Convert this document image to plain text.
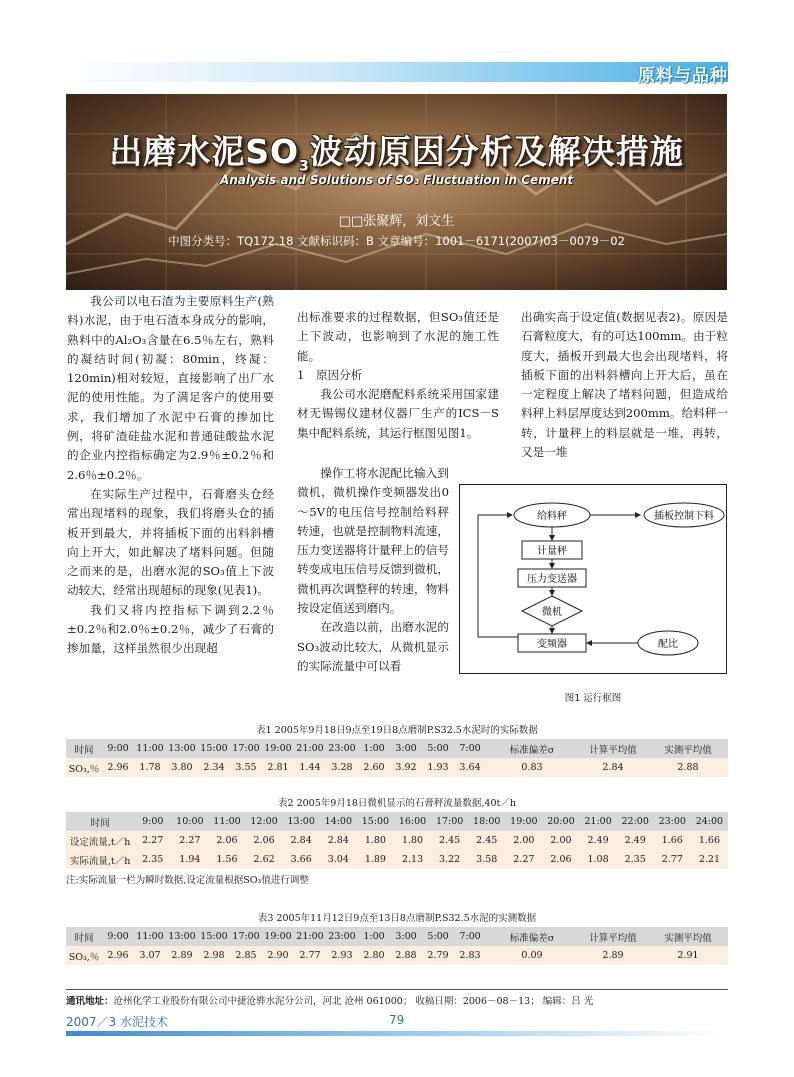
原料与品种
出磨水泥$SO_3$波动原因分析及解决措施
Analysis and Solutions of SO₃ Fluctuation in Cement
□□张聚辉，刘文生
中图分类号：TQ172.18 文献标识码：B 文章编号：1001－6171(2007)03－0079－02

我公司以电石渣为主要原料生产(熟料)水泥，由于电石渣本身成分的影响，熟料中的Al₂O₃含量在6.5％左右，熟料的凝结时间(初凝：80min，终凝：120min)相对较短，直接影响了出厂水泥的使用性能。为了满足客户的使用要求，我们增加了水泥中石膏的掺加比例，将矿渣硅盐水泥和普通硅酸盐水泥的企业内控指标确定为2.9％±0.2％和2.6％±0.2％。

在实际生产过程中，石膏磨头仓经常出现堵料的现象，我们将磨头仓的插板开到最大，并将插板下面的出料斜槽向上开大，如此解决了堵料问题。但随之而来的是，出磨水泥的SO₃值上下波动较大，经常出现超标的现象(见表1)。

我们又将内控指标下调到2.2％±0.2％和2.0％±0.2％，减少了石膏的掺加量，这样虽然很少出现超

出标准要求的过程数据，但SO₃值还是上下波动，也影响到了水泥的施工性能。

1　原因分析

我公司水泥磨配料系统采用国家建材无锡锡仪建材仪器厂生产的ICS－S集中配料系统，其运行框图见图1。

操作工将水泥配比输入到微机，微机操作变频器发出0～5V的电压信号控制给料秤转速，也就是控制物料流速，压力变送器将计量秤上的信号转变成电压信号反馈到微机，微机再次调整秤的转速，物料按设定值送到磨内。

在改造以前，出磨水泥的SO₃波动比较大，从微机显示的实际流量中可以看

出确实高于设定值(数据见表2)。原因是石膏粒度大，有的可达100mm。由于粒度大，插板开到最大也会出现堵料，将插板下面的出料斜槽向上开大后，虽在一定程度上解决了堵料问题，但造成给料秤上料层厚度达到200mm。给料秤一转，计量秤上的料层就是一堆，再转，又是一堆

给料秤	插板控制下料
计量秤
压力变送器
微机
变频器	配比
图1 运行框图
表1 2005年9月18日9点至19日8点磨制P.S32.5水泥时的实际数据
时间	9:00	11:00	13:00	15:00	17:00	19:00	21:00	23:00	1:00	3:00	5:00	7:00	标准偏差σ	计算平均值	实测平均值
SO₃,％	2.96	1.78	3.80	2.34	3.55	2.81	1.44	3.28	2.60	3.92	1.93	3.64	0.83	2.84	2.88
表2 2005年9月18日微机显示的石膏秤流量数据,40t／h
时间	9:00	10:00	11:00	12:00	13:00	14:00	15:00	16:00	17:00	18:00	19:00	20:00	21:00	22:00	23:00	24:00
设定流量,t／h	2.27	2.27	2.06	2.06	2.84	2.84	1.80	1.80	2.45	2.45	2.00	2.00	2.49	2.49	1.66	1.66
实际流量,t／h	2.35	1.94	1.56	2.62	3.66	3.04	1.89	2.13	3.22	3.58	2.27	2.06	1.08	2.35	2.77	2.21
注:实际流量一栏为瞬时数据,设定流量根据SO₃值进行调整
表3 2005年11月12日9点至13日8点磨制P.S32.5水泥的实测数据
时间	9:00	11:00	13:00	15:00	17:00	19:00	21:00	23:00	1:00	3:00	5:00	7:00	标准偏差σ	计算平均值	实测平均值
SO₃,％	2.96	3.07	2.89	2.98	2.85	2.90	2.77	2.93	2.80	2.88	2.79	2.83	0.09	2.89	2.91
通讯地址：沧州化学工业股份有限公司中捷沧骅水泥分公司，河北 沧州 061000； 收稿日期：2006－08－13； 编辑：吕 光
2007／3 水泥技术	79
